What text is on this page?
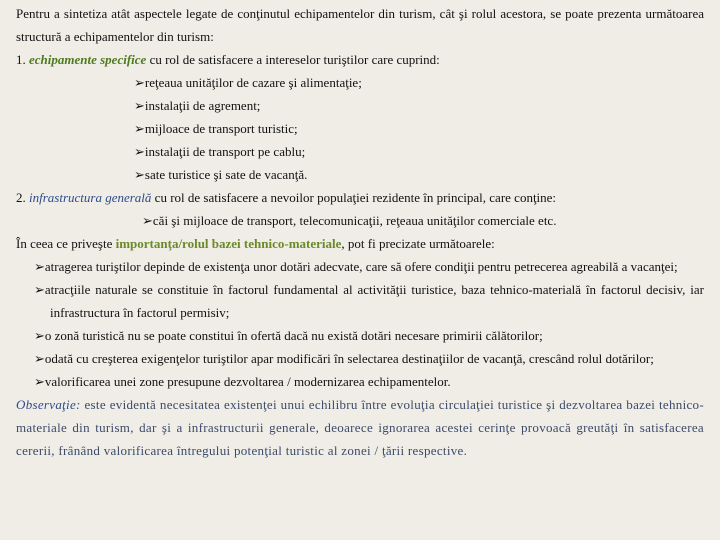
Pentru a sintetiza atât aspectele legate de conţinutul echipamentelor din turism, cât şi rolul acestora, se poate prezenta următoarea structură a echipamentelor din turism:

1. echipamente specifice cu rol de satisfacere a intereselor turiştilor care cuprind:

➢reţeaua unităţilor de cazare şi alimentaţie;
➢instalaţii de agrement;
➢mijloace de transport turistic;
➢instalaţii de transport pe cablu;
➢sate turistice şi sate de vacanţă.

2. infrastructura generală cu rol de satisfacere a nevoilor populaţiei rezidente în principal, care conţine:

➢căi şi mijloace de transport, telecomunicaţii, reţeaua unităţilor comerciale etc.

În ceea ce priveşte importanţa/rolul bazei tehnico-materiale, pot fi precizate următoarele:

➢atragerea turiştilor depinde de existenţa unor dotări adecvate, care să ofere condiţii pentru petrecerea agreabilă a vacanţei;
➢atracţiile naturale se constituie în factorul fundamental al activităţii turistice, baza tehnico-materială în factorul decisiv, iar infrastructura în factorul permisiv;
➢o zonă turistică nu se poate constitui în ofertă dacă nu există dotări necesare primirii călătorilor;
➢odată cu creşterea exigenţelor turiştilor apar modificări în selectarea destinaţiilor de vacanţă, crescând rolul dotărilor;
➢valorificarea unei zone presupune dezvoltarea / modernizarea echipamentelor.

Observaţie: este evidentă necesitatea existenţei unui echilibru între evoluţia circulaţiei turistice şi dezvoltarea bazei tehnico-materiale din turism, dar şi a infrastructurii generale, deoarece ignorarea acestei cerinţe provoacă greutăţi în satisfacerea cererii, frânând valorificarea întregului potenţial turistic al zonei / ţării respective.
